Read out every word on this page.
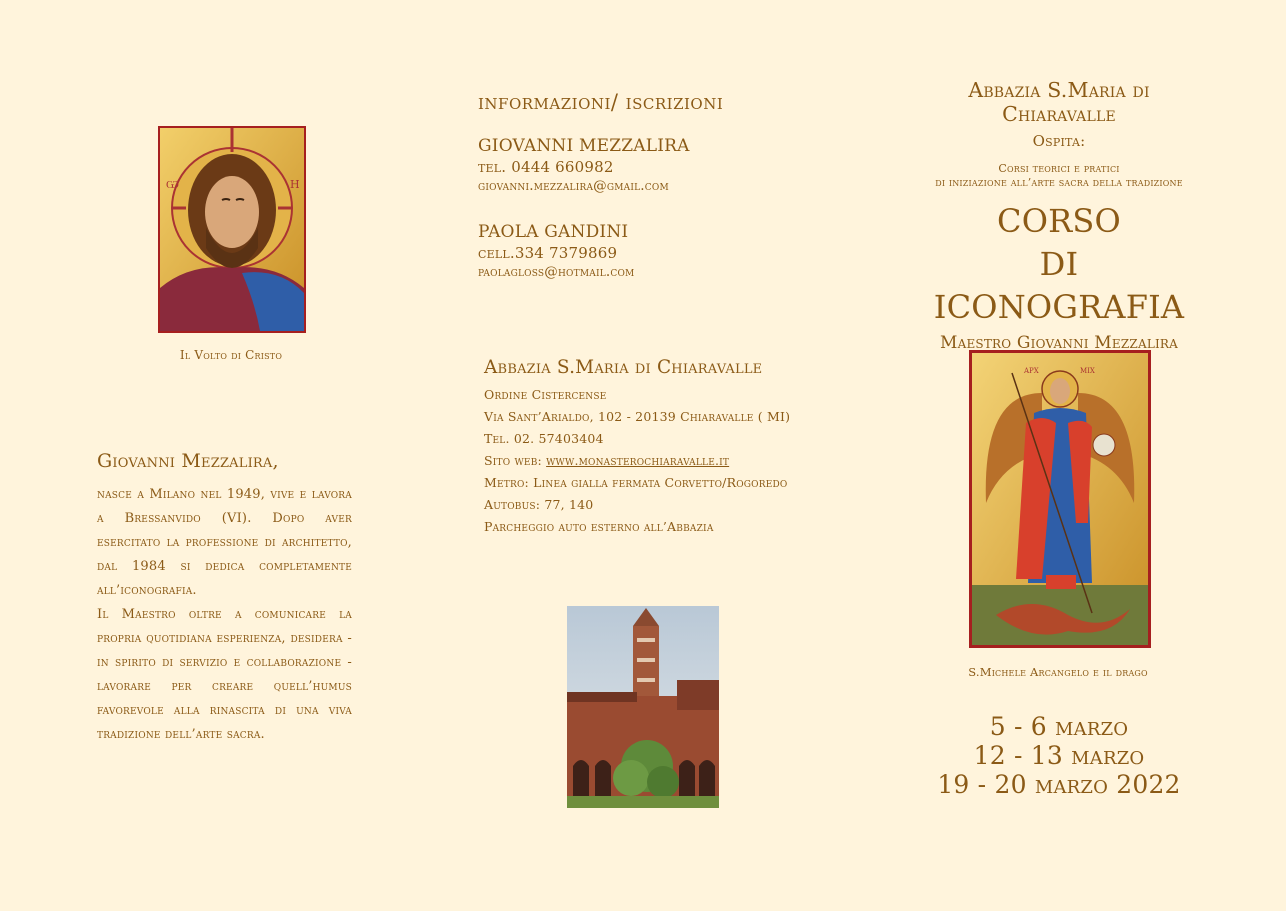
Ѡ	Н
Il Volto di Cristo
Giovanni Mezzalira,

nasce a Milano nel 1949, vive e lavora a Bressanvido (VI). Dopo aver esercitato la professione di architetto, dal 1984 si dedica completamente all’iconografia.

Il Maestro oltre a comunicare la propria quotidiana esperienza, desidera - in spirito di servizio e collaborazione - lavorare per creare quell’humus favorevole alla rinascita di una viva tradizione dell’arte sacra.

informazioni/ iscrizioni
GIOVANNI MEZZALIRA
tel. 0444 660982
giovanni.mezzalira@gmail.com
PAOLA GANDINI
cell.334 7379869
paolagloss@hotmail.com
Abbazia S.Maria di Chiaravalle
Ordine Cistercense
Via Sant’Arialdo, 102 - 20139 Chiaravalle ( MI)
Tel. 02. 57403404
Sito web: www.monasterochiaravalle.it
Metro: Linea gialla fermata Corvetto/Rogoredo
Autobus: 77, 140
Parcheggio auto esterno all’Abbazia
Abbazia S.Maria di
Chiaravalle
Ospita:
Corsi teorici e pratici
di iniziazione all’arte sacra della tradizione
CORSO
DI ICONOGRAFIA
Maestro Giovanni Mezzalira
ΑΡΧ	ΜΙΧ
S.Michele Arcangelo e il drago
5 - 6 marzo
12 - 13 marzo
19 - 20 marzo 2022
